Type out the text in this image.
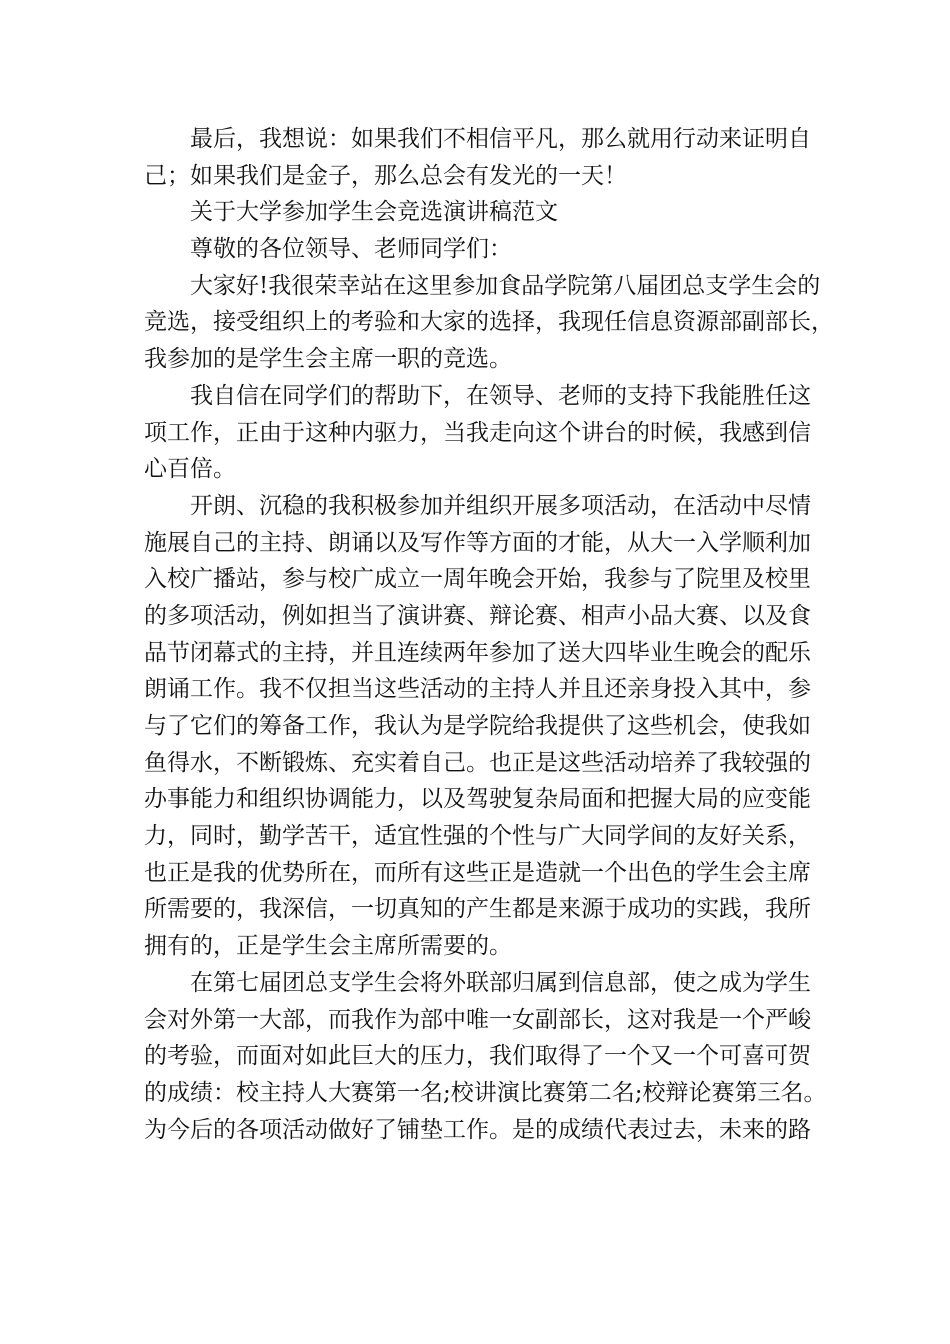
最后，我想说：如果我们不相信平凡，那么就用行动来证明自
己；如果我们是金子，那么总会有发光的一天！
关于大学参加学生会竞选演讲稿范文
尊敬的各位领导、老师同学们：
大家好!我很荣幸站在这里参加食品学院第八届团总支学生会的
竞选，接受组织上的考验和大家的选择，我现任信息资源部副部长，
我参加的是学生会主席一职的竞选。
我自信在同学们的帮助下，在领导、老师的支持下我能胜任这
项工作，正由于这种内驱力，当我走向这个讲台的时候，我感到信
心百倍。
开朗、沉稳的我积极参加并组织开展多项活动，在活动中尽情
施展自己的主持、朗诵以及写作等方面的才能，从大一入学顺利加
入校广播站，参与校广成立一周年晚会开始，我参与了院里及校里
的多项活动，例如担当了演讲赛、辩论赛、相声小品大赛、以及食
品节闭幕式的主持，并且连续两年参加了送大四毕业生晚会的配乐
朗诵工作。我不仅担当这些活动的主持人并且还亲身投入其中，参
与了它们的筹备工作，我认为是学院给我提供了这些机会，使我如
鱼得水，不断锻炼、充实着自己。也正是这些活动培养了我较强的
办事能力和组织协调能力，以及驾驶复杂局面和把握大局的应变能
力，同时，勤学苦干，适宜性强的个性与广大同学间的友好关系，
也正是我的优势所在，而所有这些正是造就一个出色的学生会主席
所需要的，我深信，一切真知的产生都是来源于成功的实践，我所
拥有的，正是学生会主席所需要的。
在第七届团总支学生会将外联部归属到信息部，使之成为学生
会对外第一大部，而我作为部中唯一女副部长，这对我是一个严峻
的考验，而面对如此巨大的压力，我们取得了一个又一个可喜可贺
的成绩：校主持人大赛第一名;校讲演比赛第二名;校辩论赛第三名。
为今后的各项活动做好了铺垫工作。是的成绩代表过去，未来的路
